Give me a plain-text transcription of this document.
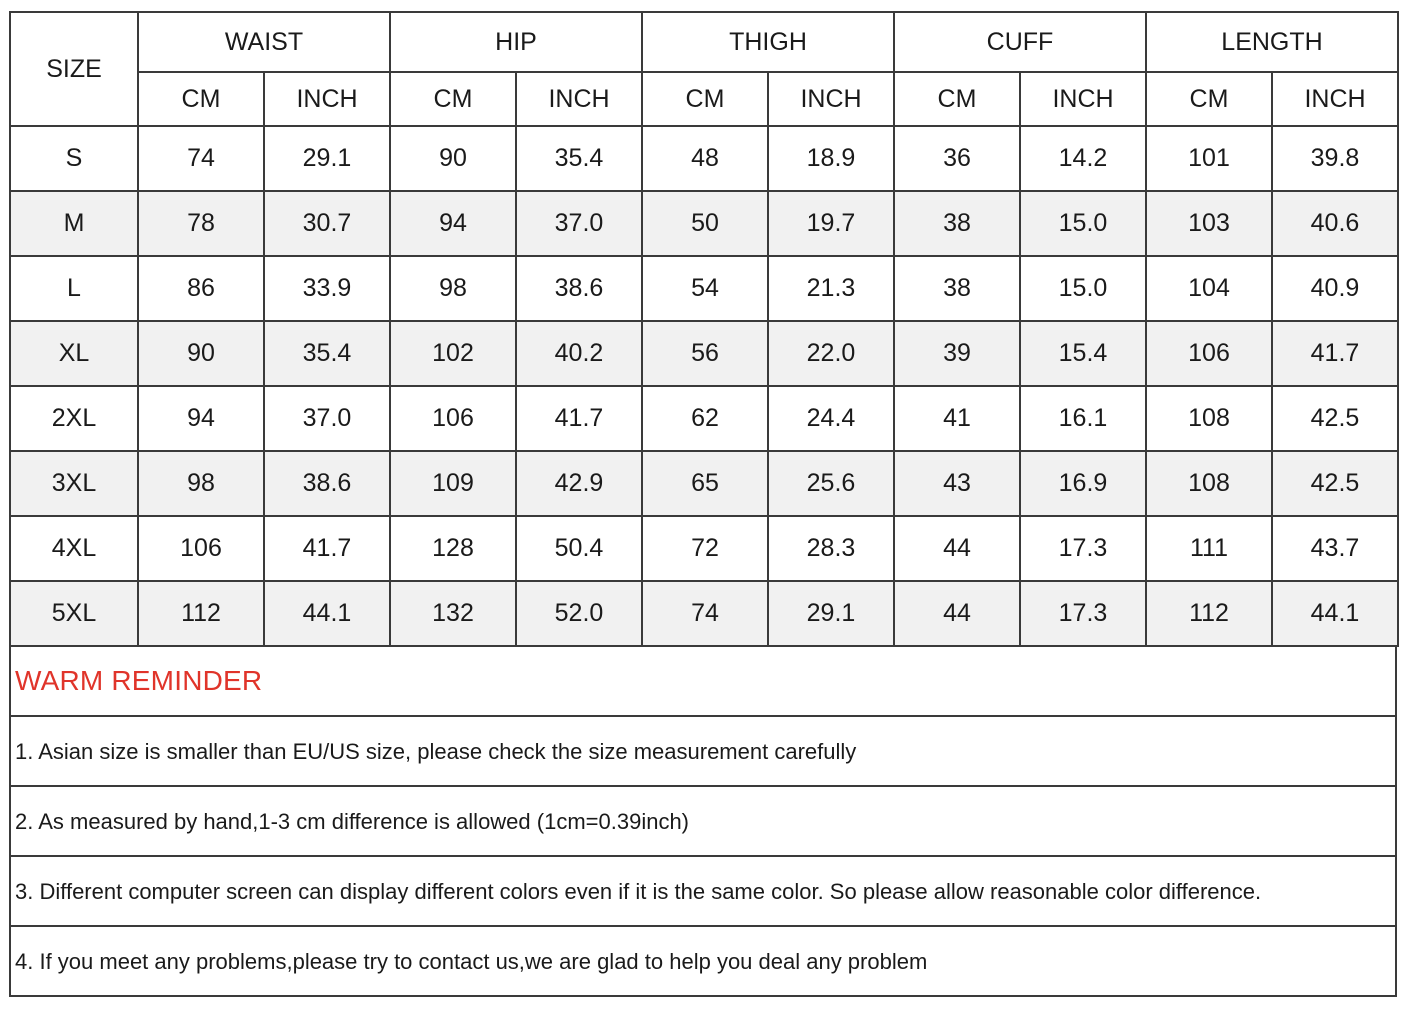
SIZE	WAIST		HIP		THIGH		CUFF		LENGTH	
	CM	INCH	CM	INCH	CM	INCH	CM	INCH	CM	INCH
S	74	29.1	90	35.4	48	18.9	36	14.2	101	39.8
M	78	30.7	94	37.0	50	19.7	38	15.0	103	40.6
L	86	33.9	98	38.6	54	21.3	38	15.0	104	40.9
XL	90	35.4	102	40.2	56	22.0	39	15.4	106	41.7
2XL	94	37.0	106	41.7	62	24.4	41	16.1	108	42.5
3XL	98	38.6	109	42.9	65	25.6	43	16.9	108	42.5
4XL	106	41.7	128	50.4	72	28.3	44	17.3	111	43.7
5XL	112	44.1	132	52.0	74	29.1	44	17.3	112	44.1
WARM REMINDER
1. Asian size is smaller than EU/US size, please check the size measurement carefully
2. As measured by hand,1-3 cm difference is allowed (1cm=0.39inch)
3. Different computer screen can display different colors even if it is the same color. So please allow reasonable color difference.
4. If you meet any problems,please try to contact us,we are glad to help you deal any problem
